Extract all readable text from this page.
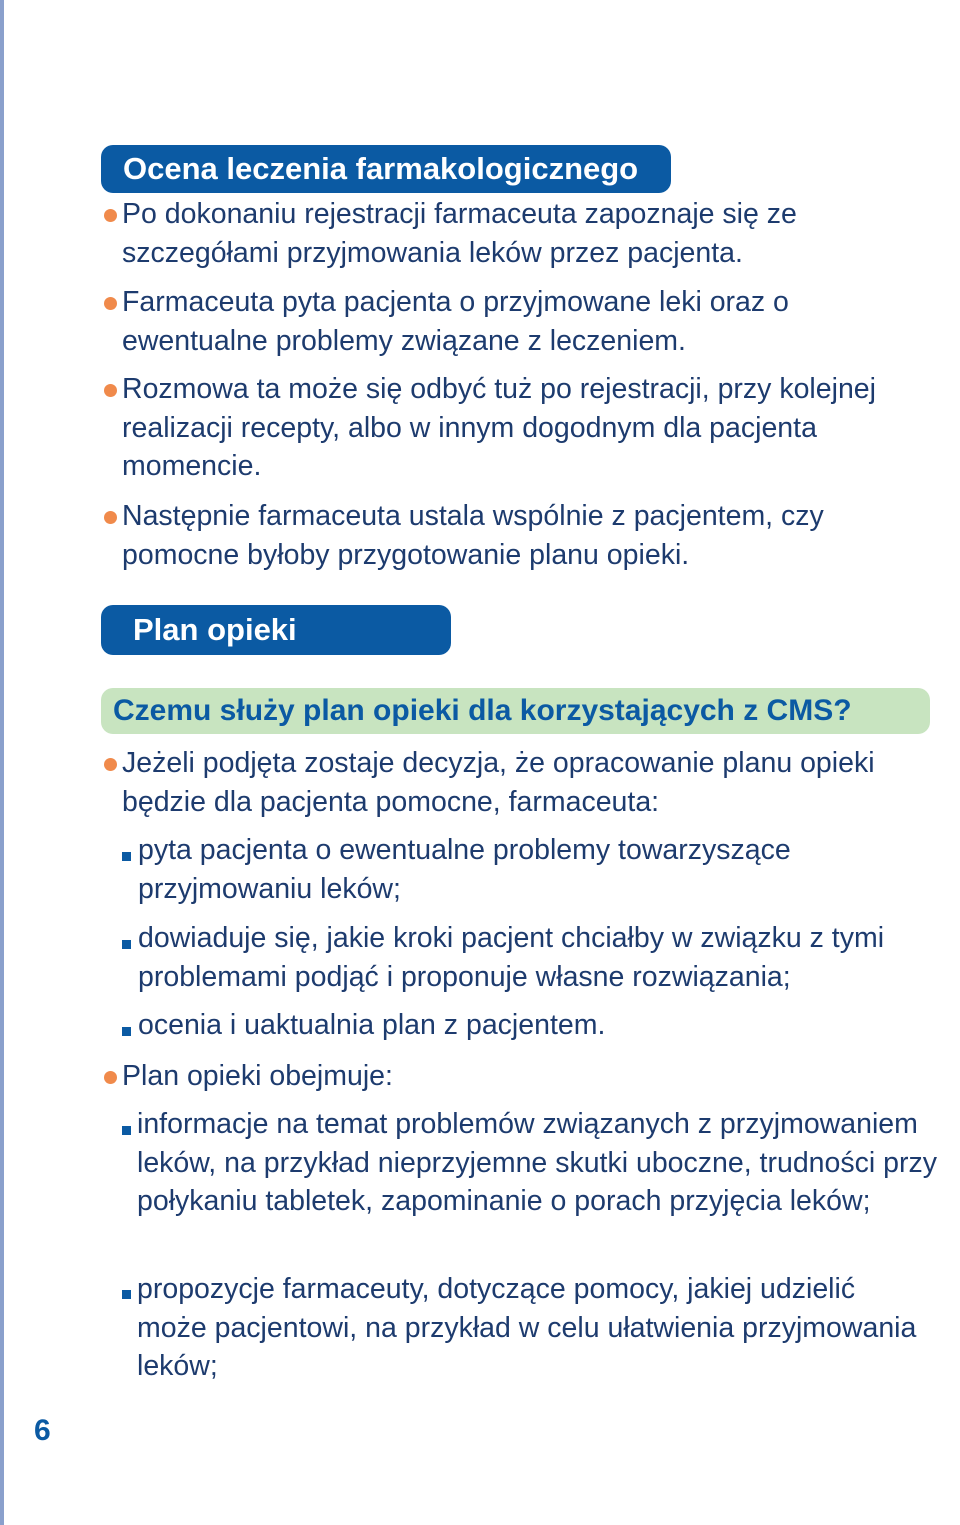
Ocena leczenia farmakologicznego
Po dokonaniu rejestracji farmaceuta zapoznaje się ze szczegółami przyjmowania leków przez pacjenta.
Farmaceuta pyta pacjenta o przyjmowane leki oraz o ewentualne problemy związane z leczeniem.
Rozmowa ta może się odbyć tuż po rejestracji, przy kolejnej realizacji recepty, albo w innym dogodnym dla pacjenta momencie.
Następnie farmaceuta ustala wspólnie z pacjentem, czy pomocne byłoby przygotowanie planu opieki.
Plan opieki
Czemu służy plan opieki dla korzystających z CMS?
Jeżeli podjęta zostaje decyzja, że opracowanie planu opieki będzie dla pacjenta pomocne, farmaceuta:
pyta pacjenta o ewentualne problemy towarzyszące przyjmowaniu leków;
dowiaduje się, jakie kroki pacjent chciałby w związku z tymi problemami podjąć i proponuje własne rozwiązania;
ocenia i uaktualnia plan z pacjentem.
Plan opieki obejmuje:
informacje na temat problemów związanych z przyjmowaniem leków, na przykład nieprzyjemne skutki uboczne, trudności przy połykaniu tabletek, zapominanie o porach przyjęcia leków;
propozycje farmaceuty, dotyczące pomocy, jakiej udzielić może pacjentowi, na przykład w celu ułatwienia przyjmowania leków;
6
